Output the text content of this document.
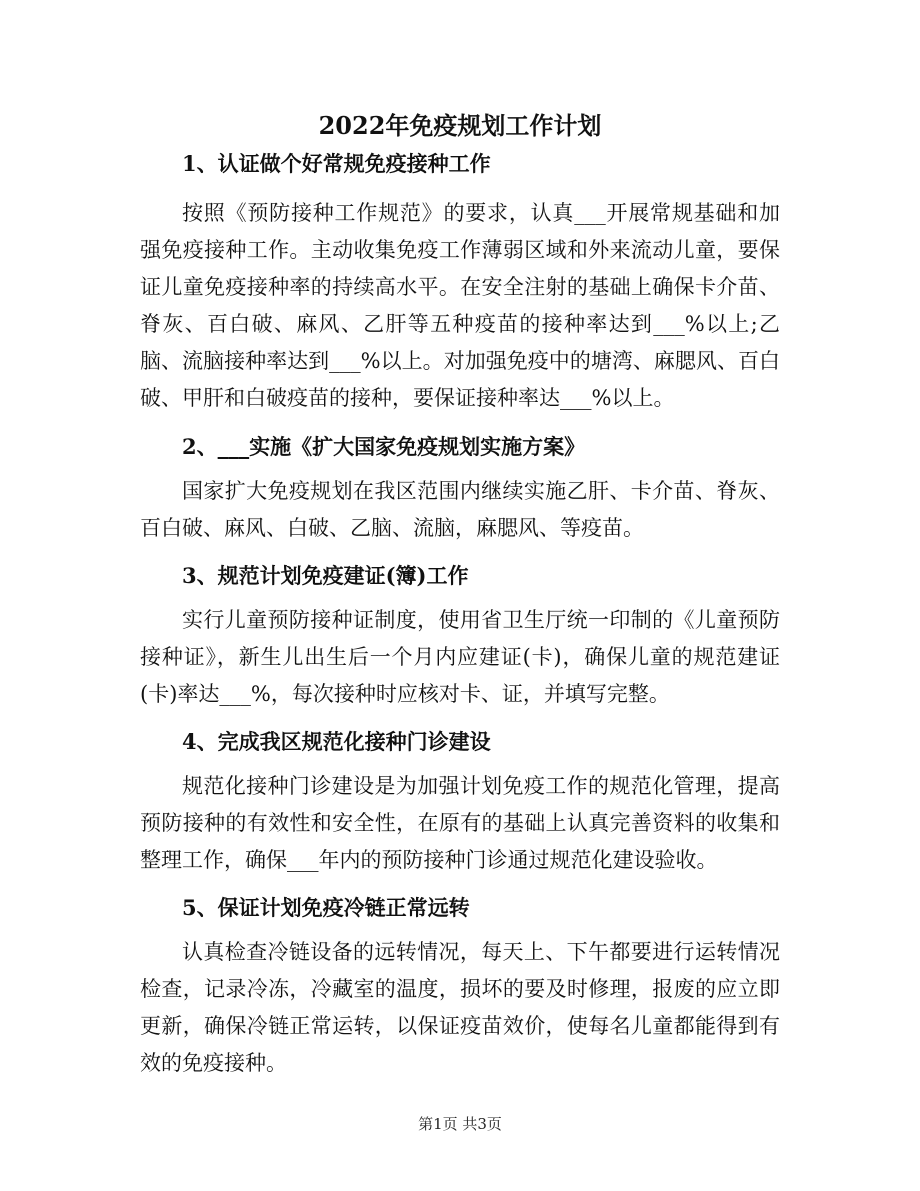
2022年免疫规划工作计划

1、认证做个好常规免疫接种工作

按照《预防接种工作规范》的要求，认真___开展常规基础和加强免疫接种工作。主动收集免疫工作薄弱区域和外来流动儿童，要保证儿童免疫接种率的持续高水平。在安全注射的基础上确保卡介苗、脊灰、百白破、麻风、乙肝等五种疫苗的接种率达到___%以上;乙脑、流脑接种率达到___%以上。对加强免疫中的塘湾、麻腮风、百白破、甲肝和白破疫苗的接种，要保证接种率达___%以上。

2、___实施《扩大国家免疫规划实施方案》

国家扩大免疫规划在我区范围内继续实施乙肝、卡介苗、脊灰、百白破、麻风、白破、乙脑、流脑，麻腮风、等疫苗。

3、规范计划免疫建证(簿)工作

实行儿童预防接种证制度，使用省卫生厅统一印制的《儿童预防接种证》，新生儿出生后一个月内应建证(卡)，确保儿童的规范建证(卡)率达___%，每次接种时应核对卡、证，并填写完整。

4、完成我区规范化接种门诊建设

规范化接种门诊建设是为加强计划免疫工作的规范化管理，提高预防接种的有效性和安全性，在原有的基础上认真完善资料的收集和整理工作，确保___年内的预防接种门诊通过规范化建设验收。

5、保证计划免疫冷链正常远转

认真检查冷链设备的远转情况，每天上、下午都要进行运转情况检查，记录冷冻，冷藏室的温度，损坏的要及时修理，报废的应立即更新，确保冷链正常运转，以保证疫苗效价，使每名儿童都能得到有效的免疫接种。

第1页 共3页
